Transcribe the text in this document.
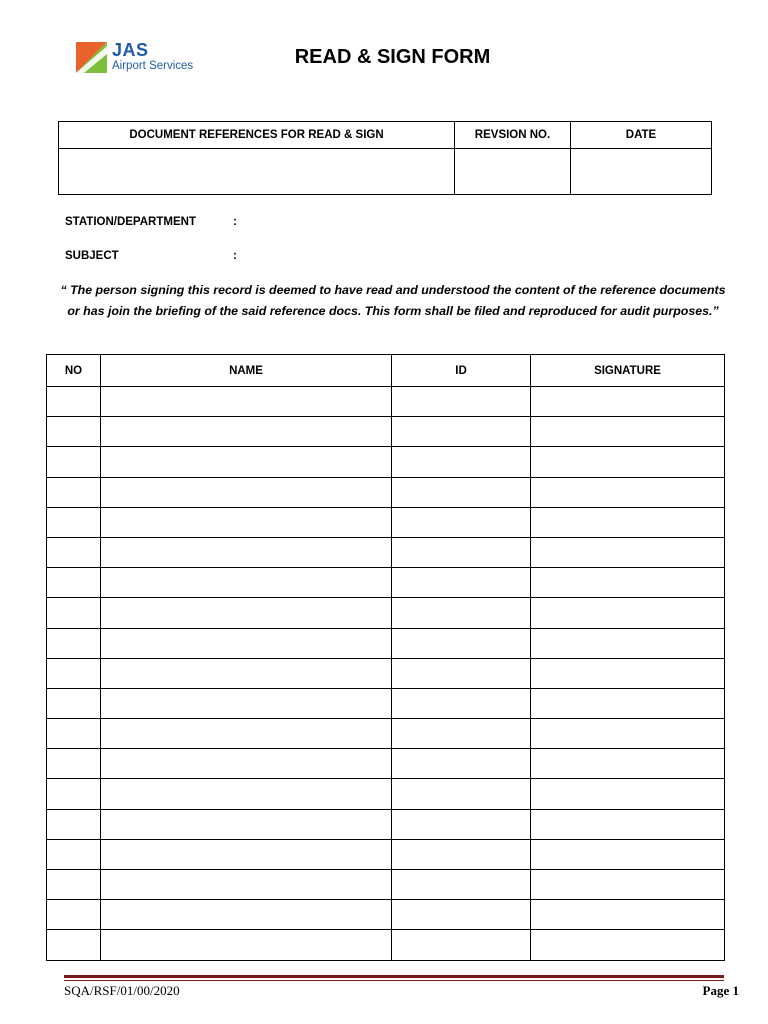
JAS
Airport Services	READ & SIGN FORM
DOCUMENT REFERENCES FOR READ & SIGN	REVSION NO.	DATE

STATION/DEPARTMENT	:
SUBJECT	:
“ The person signing this record is deemed to have read and understood the content of the reference documents or has join the briefing of the said reference docs. This form shall be filed and reproduced for audit purposes.”
NO	NAME	ID	SIGNATURE

SQA/RSF/01/00/2020	Page 1
